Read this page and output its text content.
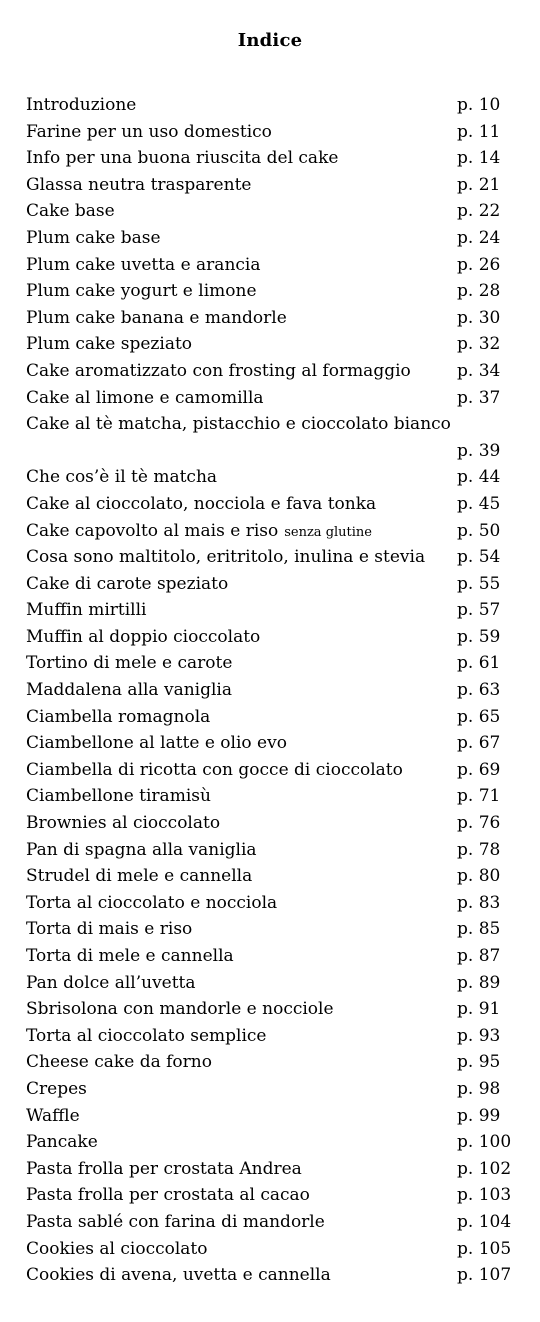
Indice
Introduzione	p. 10
Farine per un uso domestico	p. 11
Info per una buona riuscita del cake	p. 14
Glassa neutra trasparente	p. 21
Cake base	p. 22
Plum cake base	p. 24
Plum cake uvetta e arancia	p. 26
Plum cake yogurt e limone	p. 28
Plum cake banana e mandorle	p. 30
Plum cake speziato	p. 32
Cake aromatizzato con frosting al formaggio	p. 34
Cake al limone e camomilla	p. 37
Cake al tè matcha, pistacchio e cioccolato bianco
p. 39
Che cos’è il tè matcha	p. 44
Cake al cioccolato, nocciola e fava tonka	p. 45
Cake capovolto al mais e riso senza glutine	p. 50
Cosa sono maltitolo, eritritolo, inulina e stevia p. 54
Cake di carote speziato	p. 55
Muffin mirtilli	p. 57
Muffin al doppio cioccolato	p. 59
Tortino di mele e carote	p. 61
Maddalena alla vaniglia	p. 63
Ciambella romagnola	p. 65
Ciambellone al latte e olio evo	p. 67
Ciambella di ricotta con gocce di cioccolato	p. 69
Ciambellone tiramisù	p. 71
Brownies al cioccolato	p. 76
Pan di spagna alla vaniglia	p. 78
Strudel di mele e cannella	p. 80
Torta al cioccolato e nocciola	p. 83
Torta di mais e riso	p. 85
Torta di mele e cannella	p. 87
Pan dolce all’uvetta	p. 89
Sbrisolona con mandorle e nocciole	p. 91
Torta al cioccolato semplice	p. 93
Cheese cake da forno	p. 95
Crepes	p. 98
Waffle	p. 99
Pancake	p. 100
Pasta frolla per crostata Andrea	p. 102
Pasta frolla per crostata al cacao	p. 103
Pasta sablé con farina di mandorle	p. 104
Cookies al cioccolato	p. 105
Cookies di avena, uvetta e cannella	p. 107
